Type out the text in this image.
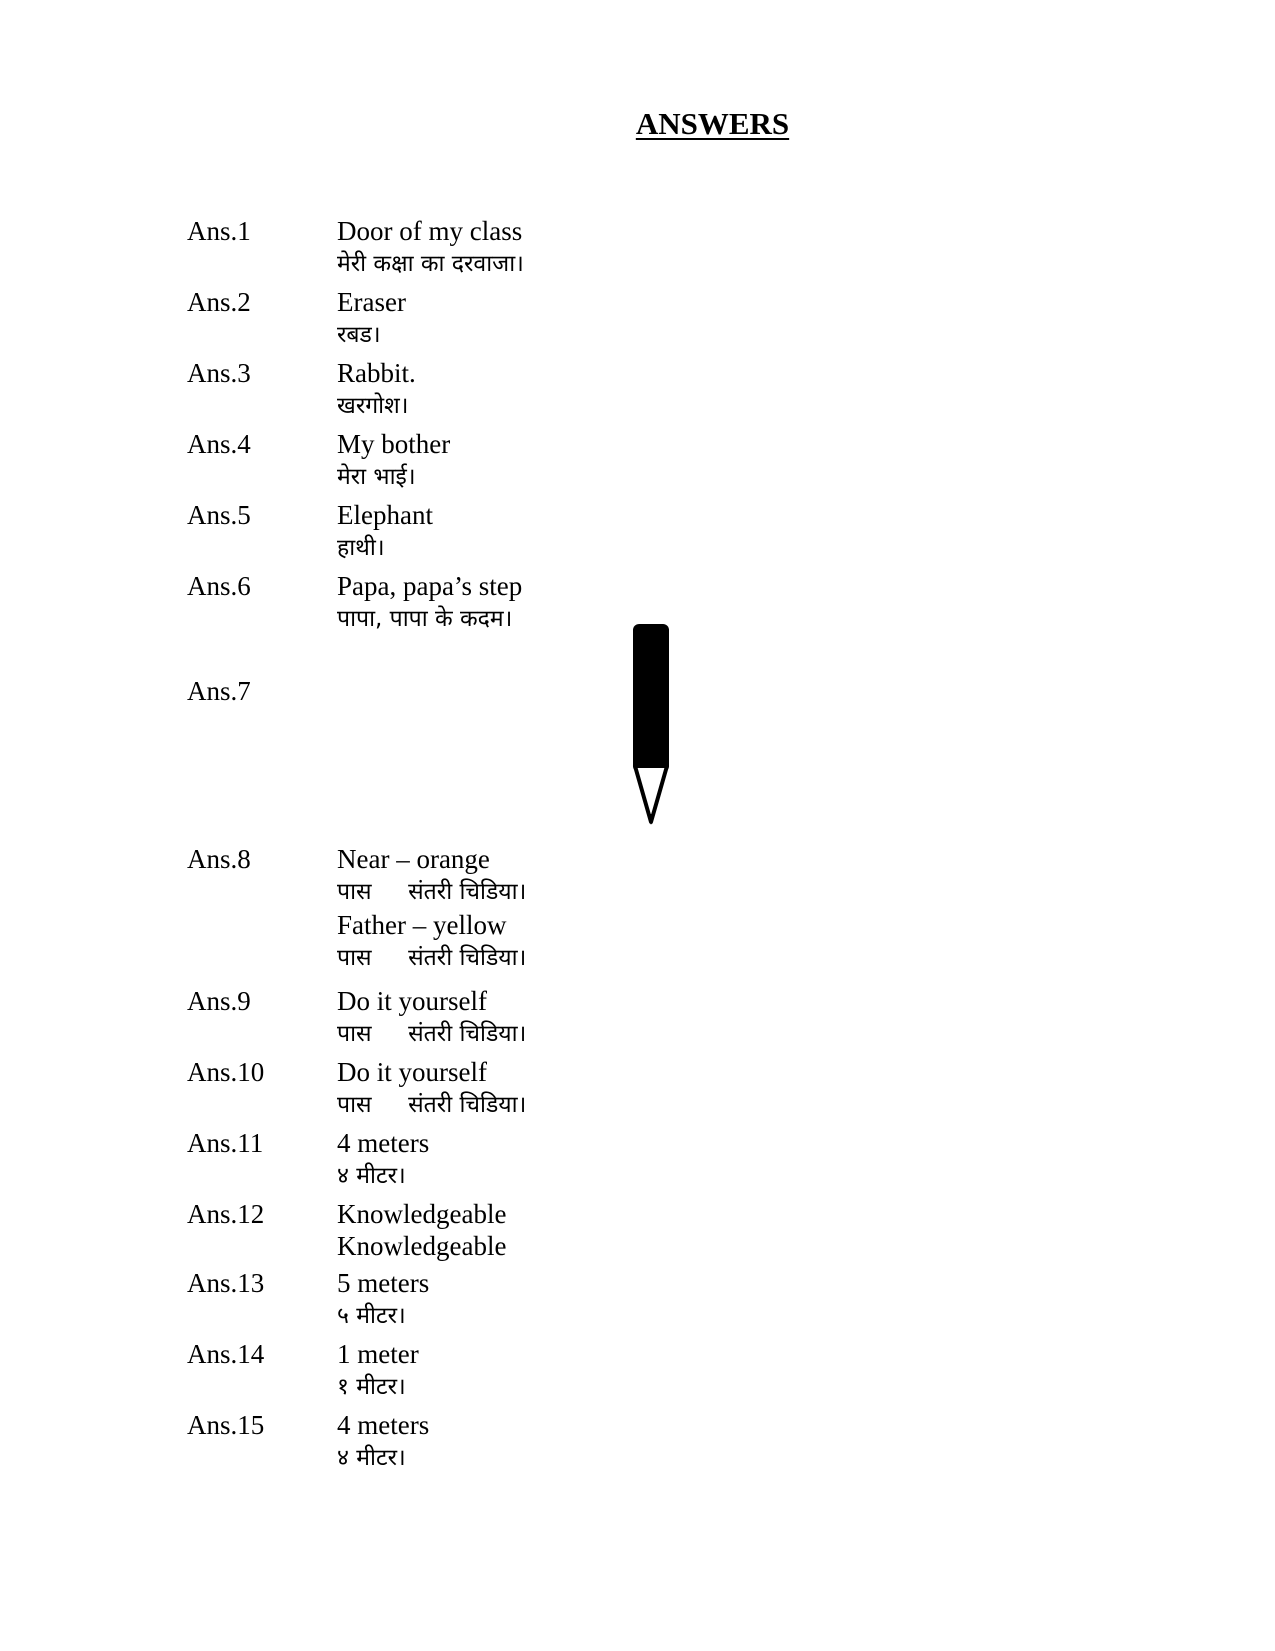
ANSWERS
Ans.1	Door of my class
मेरी कक्षा का दरवाजा।
Ans.2	Eraser
रबड।
Ans.3	Rabbit.
खरगोश।
Ans.4	My bother
मेरा भाई।
Ans.5	Elephant
हाथी।
Ans.6	Papa, papa’s step
पापा, पापा के कदम।
Ans.7
Ans.8	Near – orange
पास     संतरी चिडिया।
Father – yellow
पास     संतरी चिडिया।
Ans.9	Do it yourself
पास     संतरी चिडिया।
Ans.10	Do it yourself
पास     संतरी चिडिया।
Ans.11	4 meters
४ मीटर।
Ans.12	Knowledgeable
Knowledgeable
Ans.13	5 meters
५ मीटर।
Ans.14	1 meter
१ मीटर।
Ans.15	4 meters
४ मीटर।
